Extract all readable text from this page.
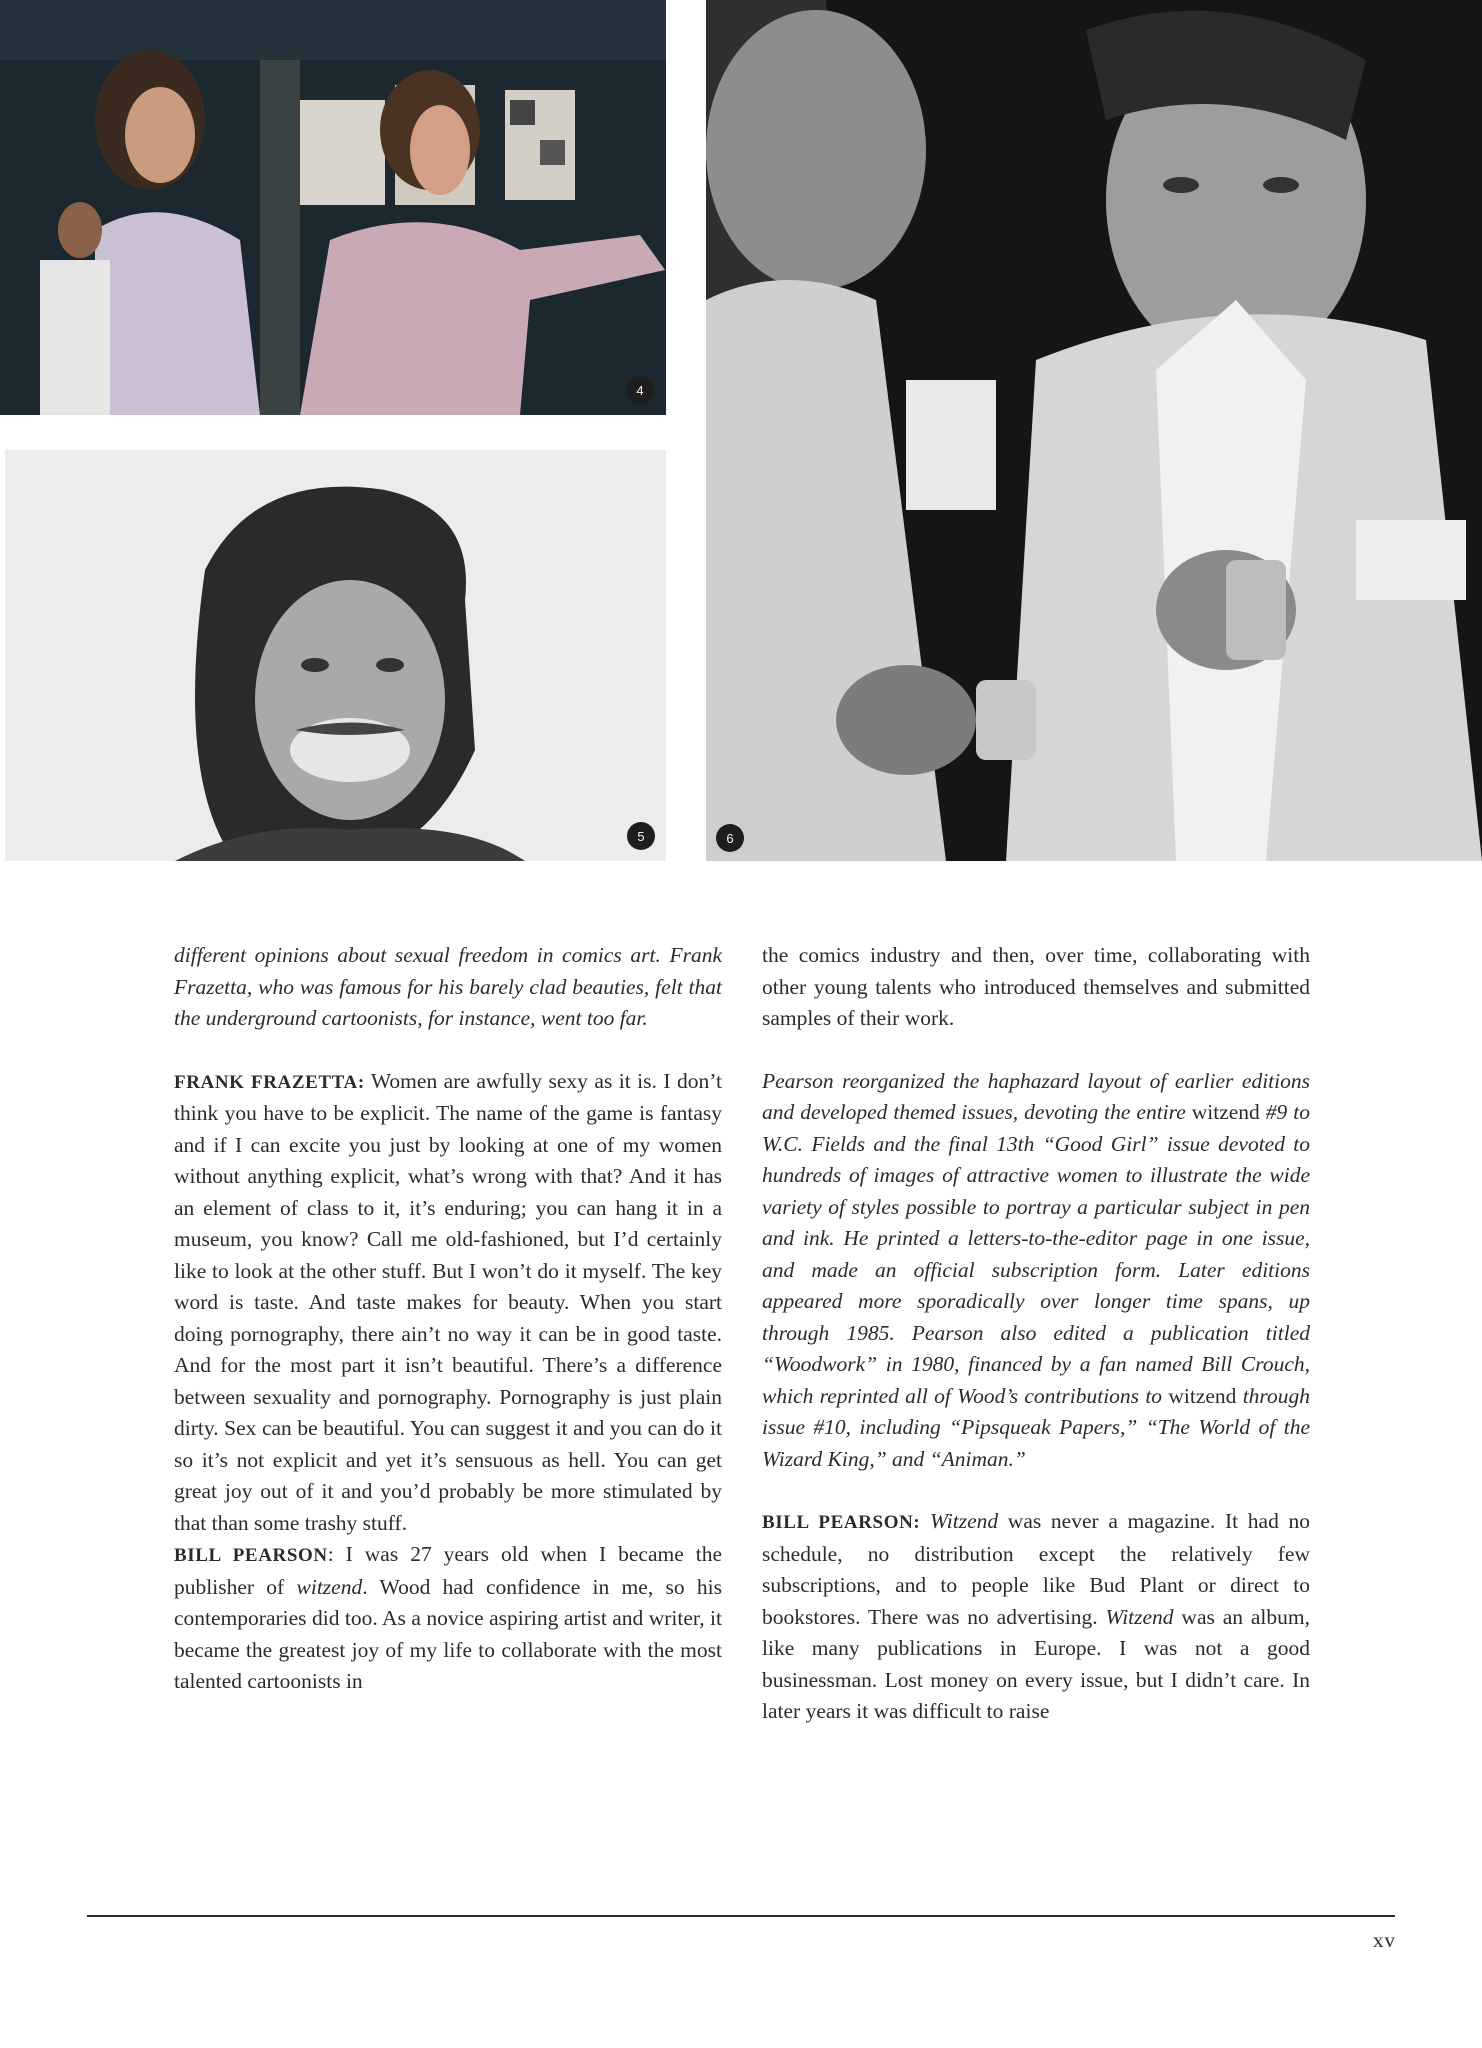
4
5	6

different opinions about sexual freedom in comics art. Frank Frazetta, who was famous for his barely clad beauties, felt that the underground cartoonists, for instance, went too far.

FRANK FRAZETTA: Women are awfully sexy as it is. I don’t think you have to be explicit. The name of the game is fantasy and if I can excite you just by looking at one of my women without anything explicit, what’s wrong with that? And it has an element of class to it, it’s enduring; you can hang it in a museum, you know? Call me old-fashioned, but I’d certainly like to look at the other stuff. But I won’t do it myself. The key word is taste. And taste makes for beauty. When you start doing pornography, there ain’t no way it can be in good taste. And for the most part it isn’t beautiful. There’s a difference between sexuality and pornography. Pornography is just plain dirty. Sex can be beautiful. You can suggest it and you can do it so it’s not explicit and yet it’s sensuous as hell. You can get great joy out of it and you’d probably be more stimulated by that than some trashy stuff.

BILL PEARSON: I was 27 years old when I became the publisher of witzend. Wood had confidence in me, so his contemporaries did too. As a novice aspiring artist and writer, it became the greatest joy of my life to collaborate with the most talented cartoonists in

the comics industry and then, over time, collaborating with other young talents who introduced themselves and submitted samples of their work.

Pearson reorganized the haphazard layout of earlier editions and developed themed issues, devoting the entire witzend #9 to W.C. Fields and the final 13th “Good Girl” issue devoted to hundreds of images of attractive women to illustrate the wide variety of styles possible to portray a particular subject in pen and ink. He printed a letters-to-the-editor page in one issue, and made an official subscription form. Later editions appeared more sporadically over longer time spans, up through 1985. Pearson also edited a publication titled “Woodwork” in 1980, financed by a fan named Bill Crouch, which reprinted all of Wood’s contributions to witzend through issue #10, including “Pipsqueak Papers,” “The World of the Wizard King,” and “Animan.”

BILL PEARSON: Witzend was never a magazine. It had no schedule, no distribution except the relatively few subscriptions, and to people like Bud Plant or direct to bookstores. There was no advertising. Witzend was an album, like many publications in Europe. I was not a good businessman. Lost money on every issue, but I didn’t care. In later years it was difficult to raise

xv
